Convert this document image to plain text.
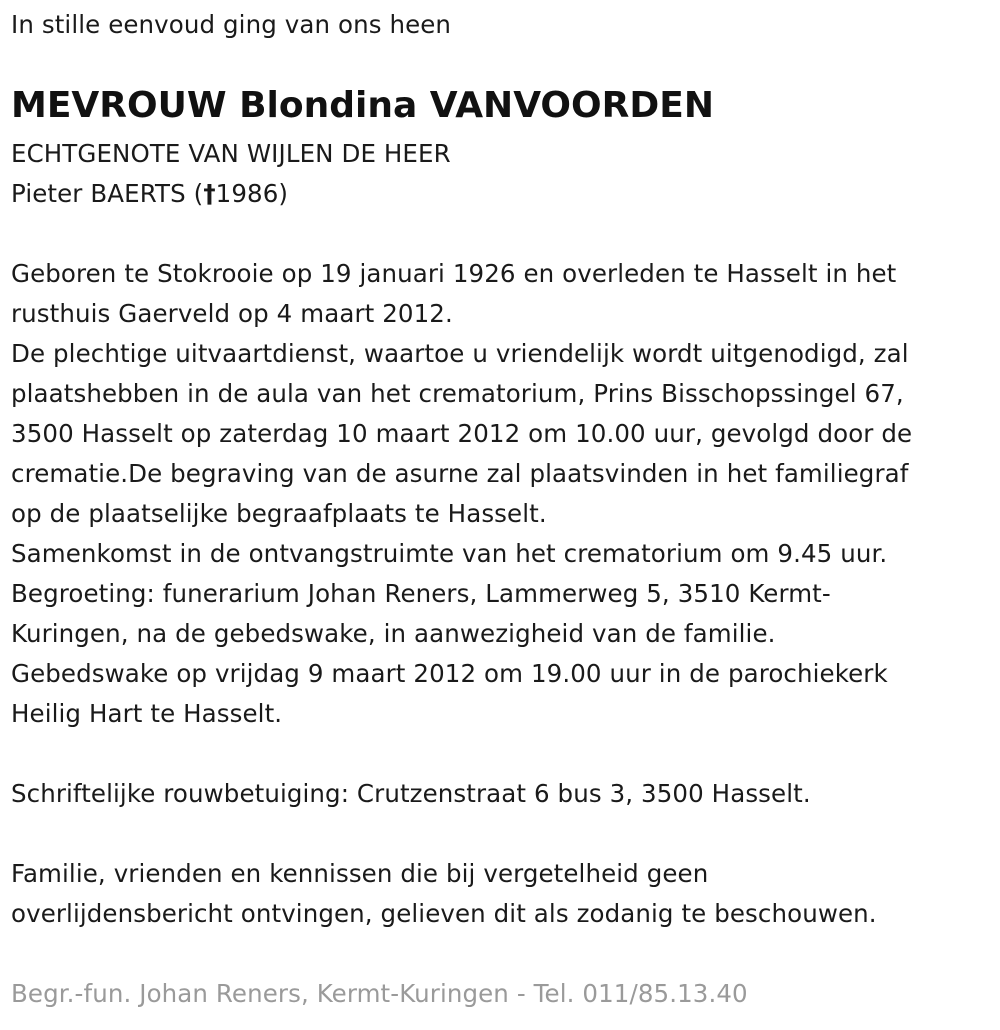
In stille eenvoud ging van ons heen
MEVROUW Blondina VANVOORDEN
ECHTGENOTE VAN WIJLEN DE HEER
Pieter BAERTS (†1986)
Geboren te Stokrooie op 19 januari 1926 en overleden te Hasselt in het
rusthuis Gaerveld op 4 maart 2012.
De plechtige uitvaartdienst, waartoe u vriendelijk wordt uitgenodigd, zal
plaatshebben in de aula van het crematorium, Prins Bisschopssingel 67,
3500 Hasselt op zaterdag 10 maart 2012 om 10.00 uur, gevolgd door de
crematie.De begraving van de asurne zal plaatsvinden in het familiegraf
op de plaatselijke begraafplaats te Hasselt.
Samenkomst in de ontvangstruimte van het crematorium om 9.45 uur.
Begroeting: funerarium Johan Reners, Lammerweg 5, 3510 Kermt-
Kuringen, na de gebedswake, in aanwezigheid van de familie.
Gebedswake op vrijdag 9 maart 2012 om 19.00 uur in de parochiekerk
Heilig Hart te Hasselt.
Schriftelijke rouwbetuiging: Crutzenstraat 6 bus 3, 3500 Hasselt.
Familie, vrienden en kennissen die bij vergetelheid geen
overlijdensbericht ontvingen, gelieven dit als zodanig te beschouwen.
Begr.-fun. Johan Reners, Kermt-Kuringen - Tel. 011/85.13.40
